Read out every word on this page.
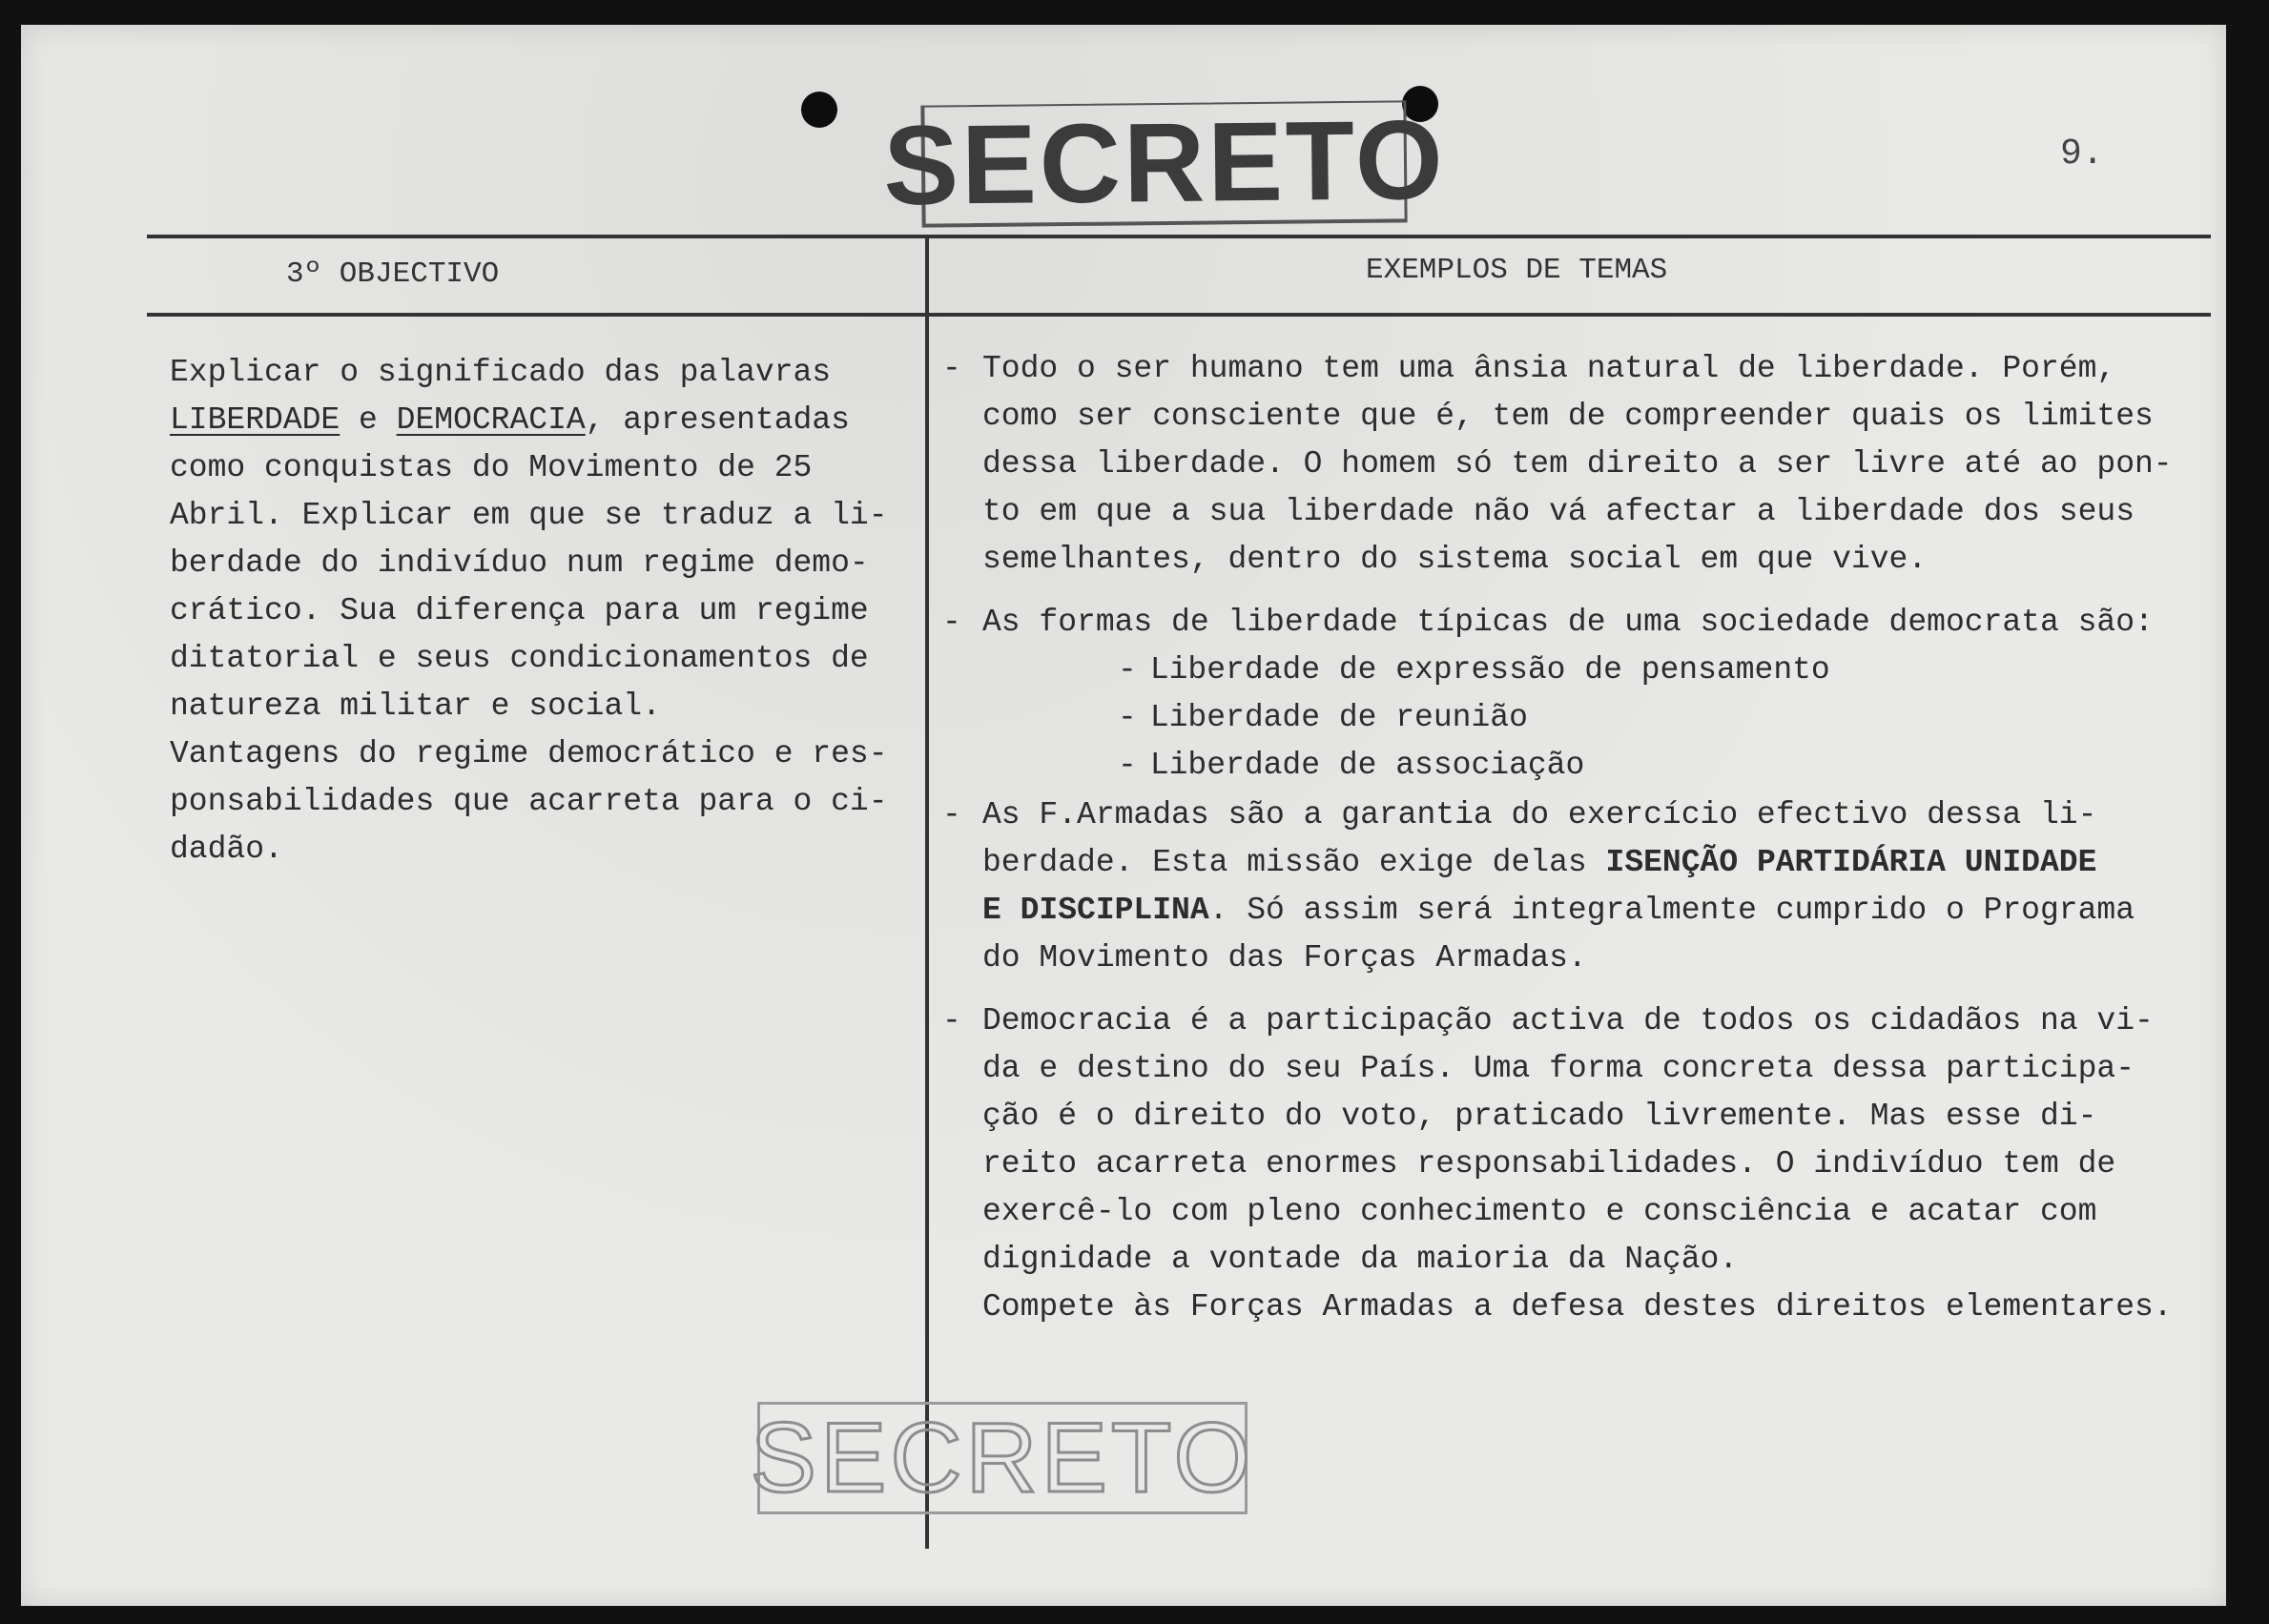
SECRETO	9.
3º OBJECTIVO	EXEMPLOS DE TEMAS

Explicar o significado das palavras

LIBERDADE e DEMOCRACIA, apresentadas

como conquistas do Movimento de 25

Abril. Explicar em que se traduz a li-

berdade do indivíduo num regime demo-

crático. Sua diferença para um regime

ditatorial e seus condicionamentos de

natureza militar e social.

Vantagens do regime democrático e res-

ponsabilidades que acarreta para o ci-

dadão.

- Todo o ser humano tem uma ânsia natural de liberdade. Porém,
como ser consciente que é, tem de compreender quais os limites
dessa liberdade. O homem só tem direito a ser livre até ao pon-
to em que a sua liberdade não vá afectar a liberdade dos seus
semelhantes, dentro do sistema social em que vive.
- As formas de liberdade típicas de uma sociedade democrata são:

- Liberdade de expressão de pensamento

- Liberdade de reunião

- Liberdade de associação

- As F.Armadas são a garantia do exercício efectivo dessa li-
berdade. Esta missão exige delas ISENÇÃO PARTIDÁRIA UNIDADE
E DISCIPLINA. Só assim será integralmente cumprido o Programa
do Movimento das Forças Armadas.
- Democracia é a participação activa de todos os cidadãos na vi-
da e destino do seu País. Uma forma concreta dessa participa-
ção é o direito do voto, praticado livremente. Mas esse di-
reito acarreta enormes responsabilidades. O indivíduo tem de
exercê-lo com pleno conhecimento e consciência e acatar com
dignidade a vontade da maioria da Nação.

Compete às Forças Armadas a defesa destes direitos elementares.

SECRETO
